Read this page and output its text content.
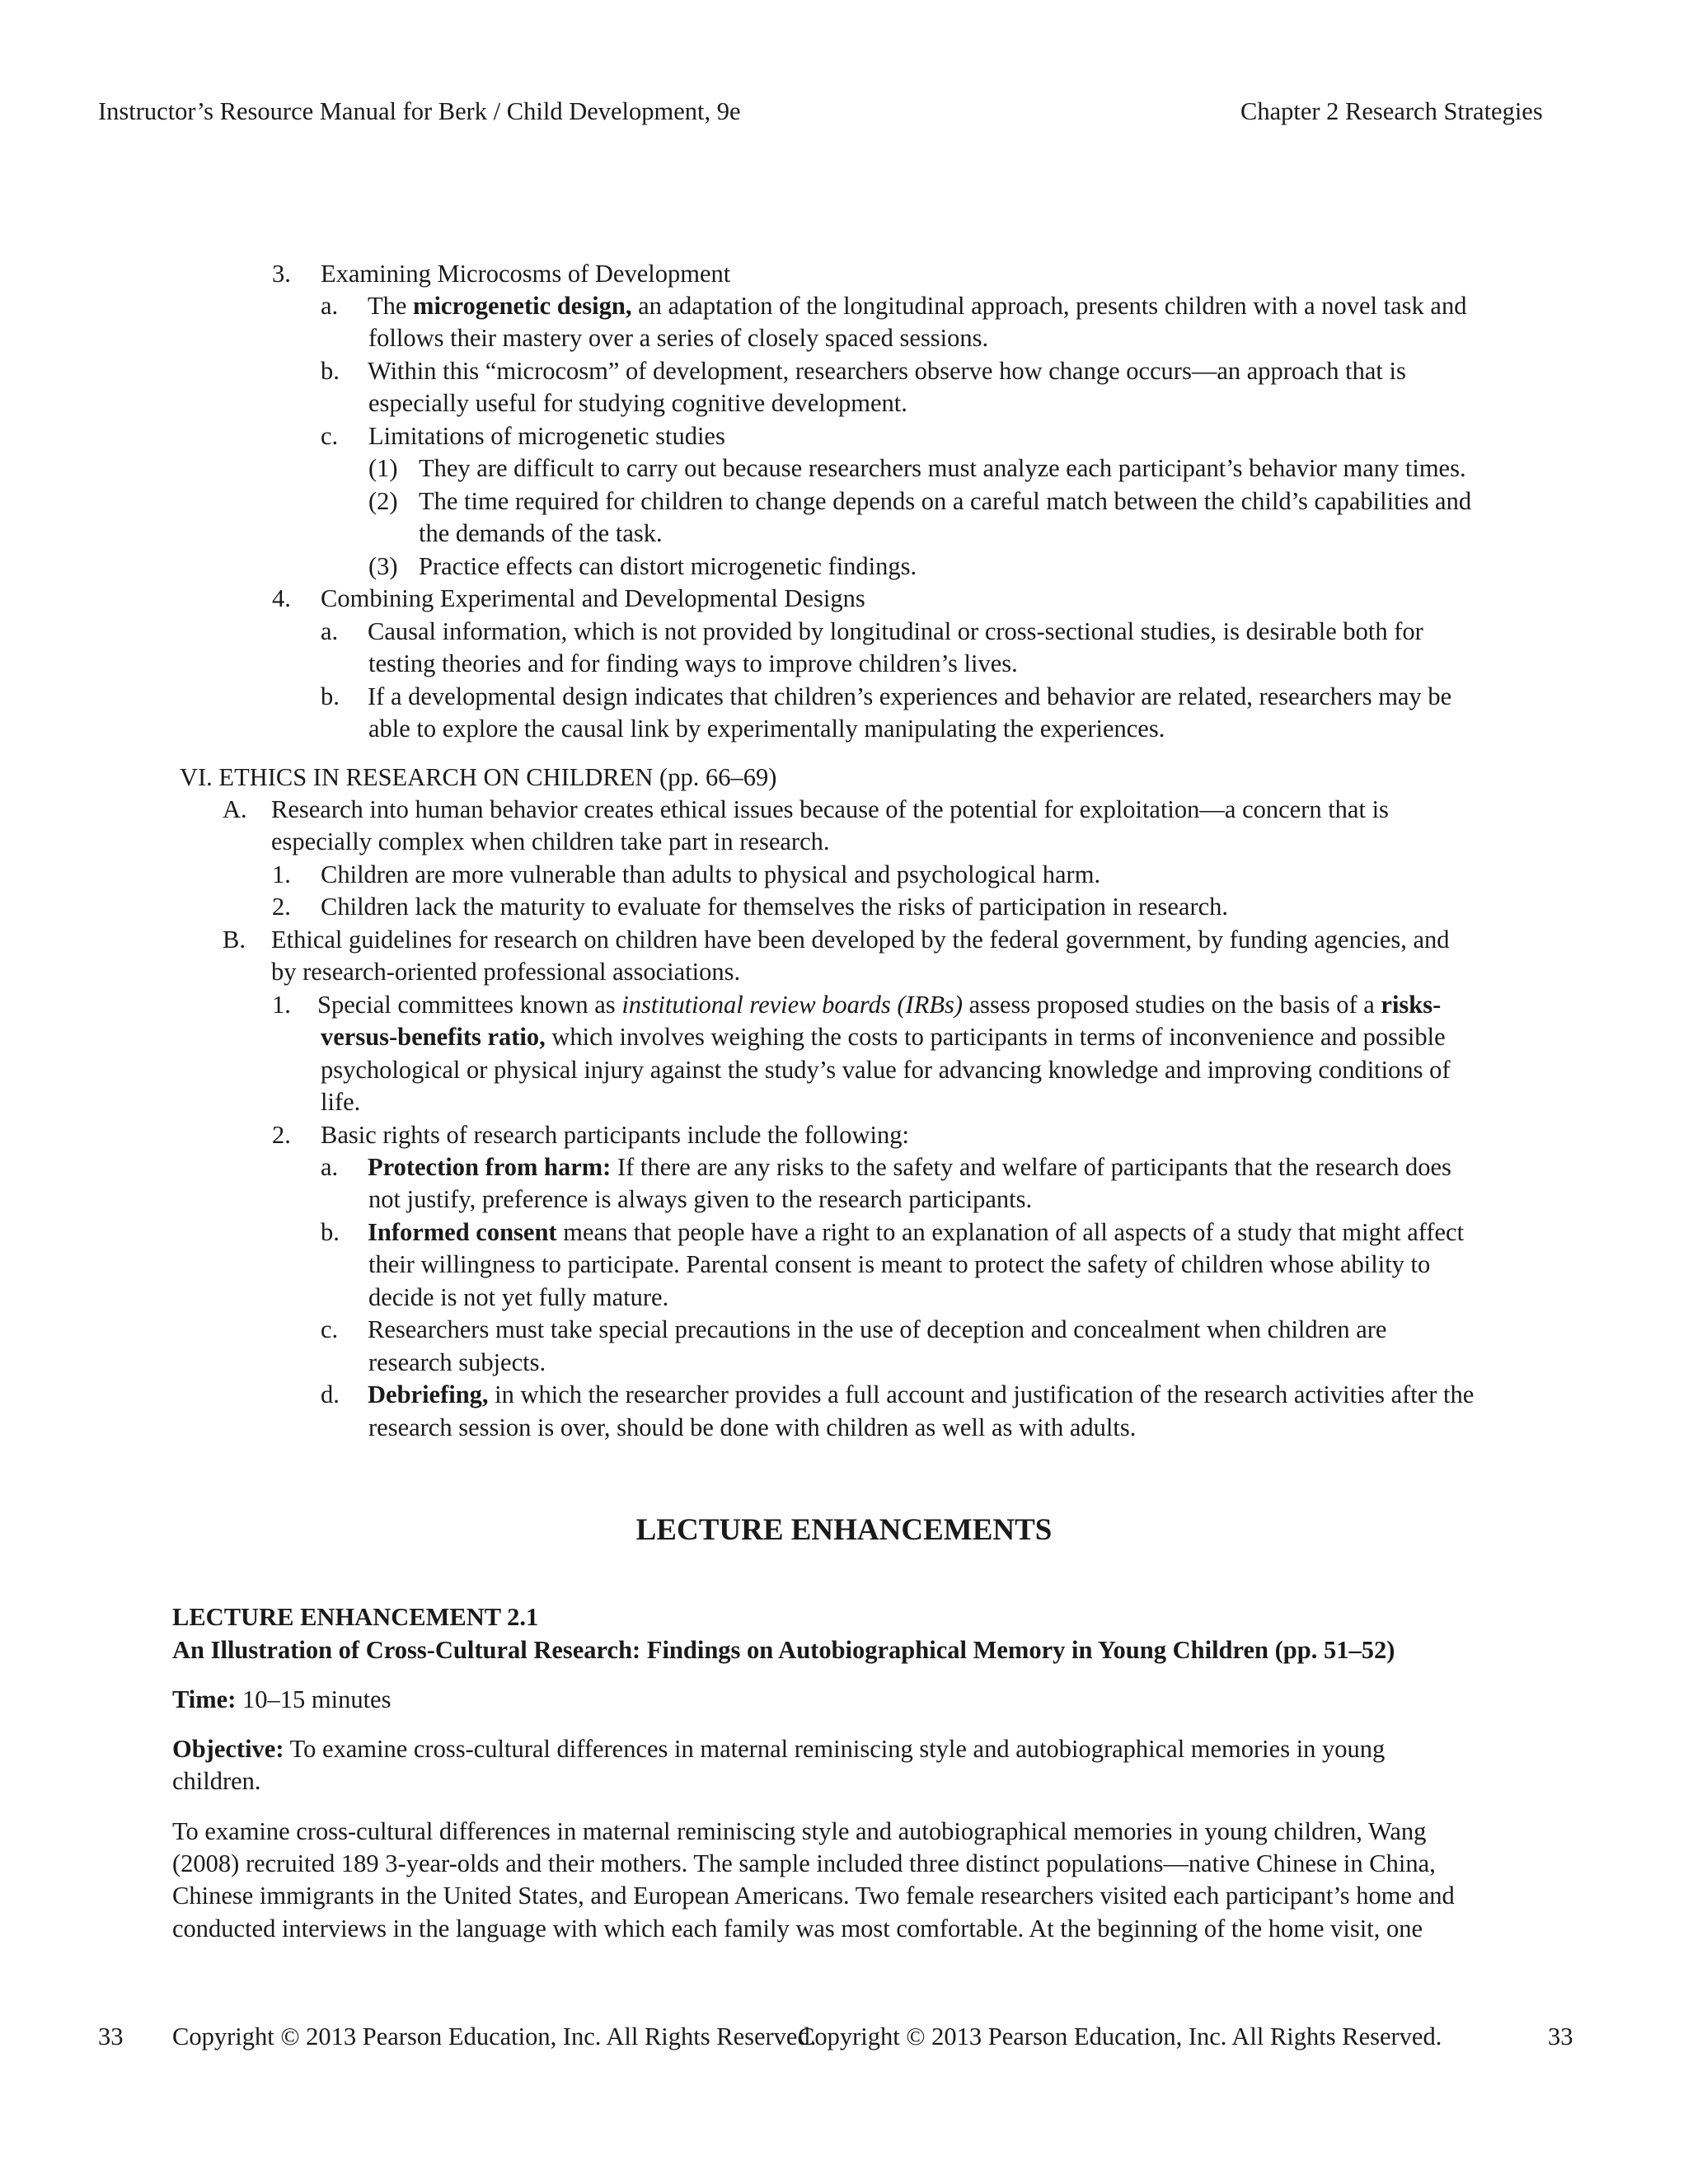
Instructor’s Resource Manual for Berk / Child Development, 9e	Chapter 2 Research Strategies
3. Examining Microcosms of Development
a. The microgenetic design, an adaptation of the longitudinal approach, presents children with a novel task and
follows their mastery over a series of closely spaced sessions.
b. Within this “microcosm” of development, researchers observe how change occurs—an approach that is
especially useful for studying cognitive development.
c. Limitations of microgenetic studies
(1) They are difficult to carry out because researchers must analyze each participant’s behavior many times.
(2) The time required for children to change depends on a careful match between the child’s capabilities and
the demands of the task.
(3) Practice effects can distort microgenetic findings.
4. Combining Experimental and Developmental Designs
a. Causal information, which is not provided by longitudinal or cross-sectional studies, is desirable both for
testing theories and for finding ways to improve children’s lives.
b. If a developmental design indicates that children’s experiences and behavior are related, researchers may be
able to explore the causal link by experimentally manipulating the experiences.
VI. ETHICS IN RESEARCH ON CHILDREN (pp. 66–69)
A. Research into human behavior creates ethical issues because of the potential for exploitation—a concern that is
especially complex when children take part in research.
1. Children are more vulnerable than adults to physical and psychological harm.
2. Children lack the maturity to evaluate for themselves the risks of participation in research.
B. Ethical guidelines for research on children have been developed by the federal government, by funding agencies, and
by research-oriented professional associations.
1. Special committees known as institutional review boards (IRBs) assess proposed studies on the basis of a risks-
versus-benefits ratio, which involves weighing the costs to participants in terms of inconvenience and possible
psychological or physical injury against the study’s value for advancing knowledge and improving conditions of
life.
2. Basic rights of research participants include the following:
a. Protection from harm: If there are any risks to the safety and welfare of participants that the research does
not justify, preference is always given to the research participants.
b. Informed consent means that people have a right to an explanation of all aspects of a study that might affect
their willingness to participate. Parental consent is meant to protect the safety of children whose ability to
decide is not yet fully mature.
c. Researchers must take special precautions in the use of deception and concealment when children are
research subjects.
d. Debriefing, in which the researcher provides a full account and justification of the research activities after the
research session is over, should be done with children as well as with adults.
LECTURE ENHANCEMENTS
LECTURE ENHANCEMENT 2.1
An Illustration of Cross-Cultural Research: Findings on Autobiographical Memory in Young Children (pp. 51–52)
Time: 10–15 minutes
Objective: To examine cross-cultural differences in maternal reminiscing style and autobiographical memories in young
children.
To examine cross-cultural differences in maternal reminiscing style and autobiographical memories in young children, Wang
(2008) recruited 189 3-year-olds and their mothers. The sample included three distinct populations—native Chinese in China,
Chinese immigrants in the United States, and European Americans. Two female researchers visited each participant’s home and
conducted interviews in the language with which each family was most comfortable. At the beginning of the home visit, one
33 Copyright © 2013 Pearson Education, Inc. All Rights Reserved.
Copyright © 2013 Pearson Education, Inc. All Rights Reserved.	33
